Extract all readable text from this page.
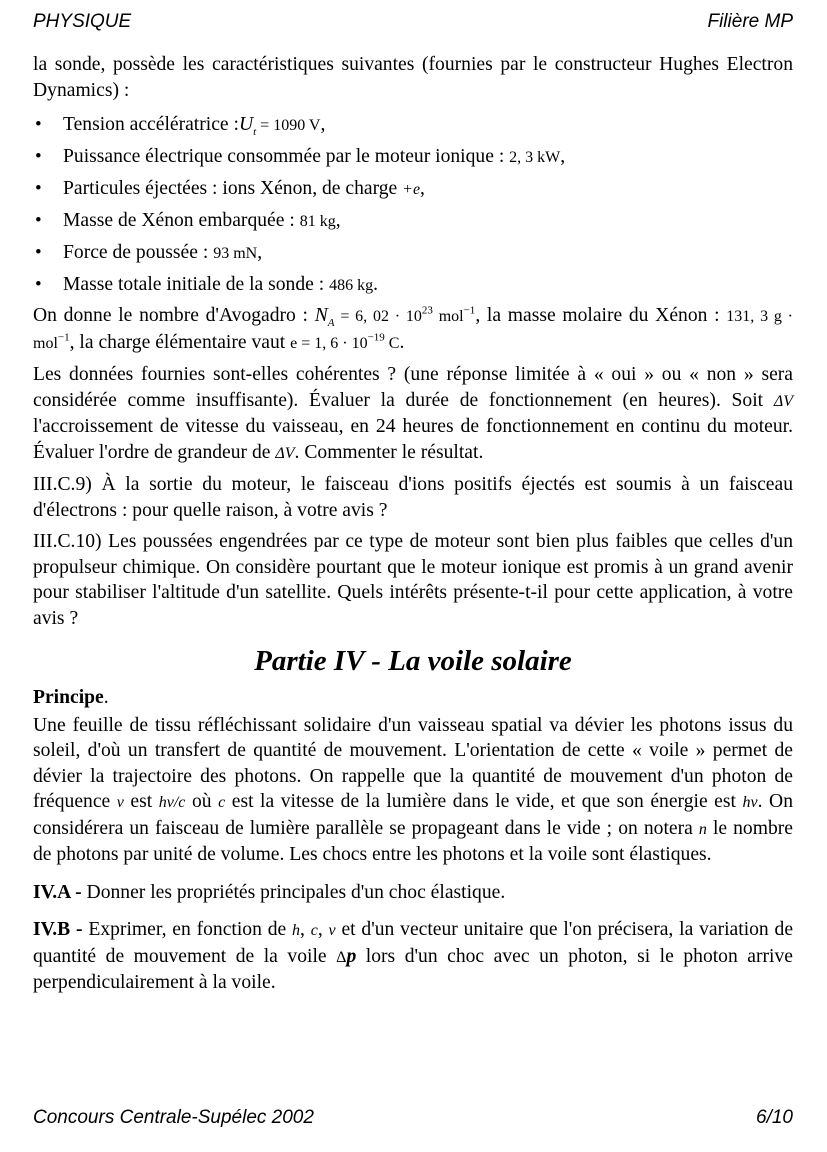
PHYSIQUE	Filière MP

la sonde, possède les caractéristiques suivantes (fournies par le constructeur Hughes Electron Dynamics) :

• Tension accélératrice $:U_t = 1090$ V,
• Puissance électrique consommée par le moteur ionique : 2, 3 kW,
• Particules éjectées : ions Xénon, de charge +e,
• Masse de Xénon embarquée : 81 kg,
• Force de poussée : 93 mN,
• Masse totale initiale de la sonde : 486 kg.

On donne le nombre d'Avogadro : $N_A = 6$, $02 \cdot 10^{23}$ mol$^{-1}$, la masse molaire du Xénon : 131, 3 g · mol$^{-1}$, la charge élémentaire vaut e = 1, $6 \cdot 10^{-19}$ C.

Les données fournies sont-elles cohérentes ? (une réponse limitée à « oui » ou « non » sera considérée comme insuffisante). Évaluer la durée de fonctionnement (en heures). Soit ΔV l'accroissement de vitesse du vaisseau, en 24 heures de fonctionnement en continu du moteur. Évaluer l'ordre de grandeur de ΔV. Commenter le résultat.

III.C.9) À la sortie du moteur, le faisceau d'ions positifs éjectés est soumis à un faisceau d'électrons : pour quelle raison, à votre avis ?

III.C.10) Les poussées engendrées par ce type de moteur sont bien plus faibles que celles d'un propulseur chimique. On considère pourtant que le moteur ionique est promis à un grand avenir pour stabiliser l'altitude d'un satellite. Quels intérêts présente-t-il pour cette application, à votre avis ?

Partie IV - La voile solaire

Principe.

Une feuille de tissu réfléchissant solidaire d'un vaisseau spatial va dévier les photons issus du soleil, d'où un transfert de quantité de mouvement. L'orientation de cette « voile » permet de dévier la trajectoire des photons. On rappelle que la quantité de mouvement d'un photon de fréquence ν est hν/c où c est la vitesse de la lumière dans le vide, et que son énergie est hν. On considérera un faisceau de lumière parallèle se propageant dans le vide ; on notera n le nombre de photons par unité de volume. Les chocs entre les photons et la voile sont élastiques.

IV.A - Donner les propriétés principales d'un choc élastique.

IV.B - Exprimer, en fonction de h, c, ν et d'un vecteur unitaire que l'on précisera, la variation de quantité de mouvement de la voile Δp lors d'un choc avec un photon, si le photon arrive perpendiculairement à la voile.

Concours Centrale-Supélec 2002	6/10
